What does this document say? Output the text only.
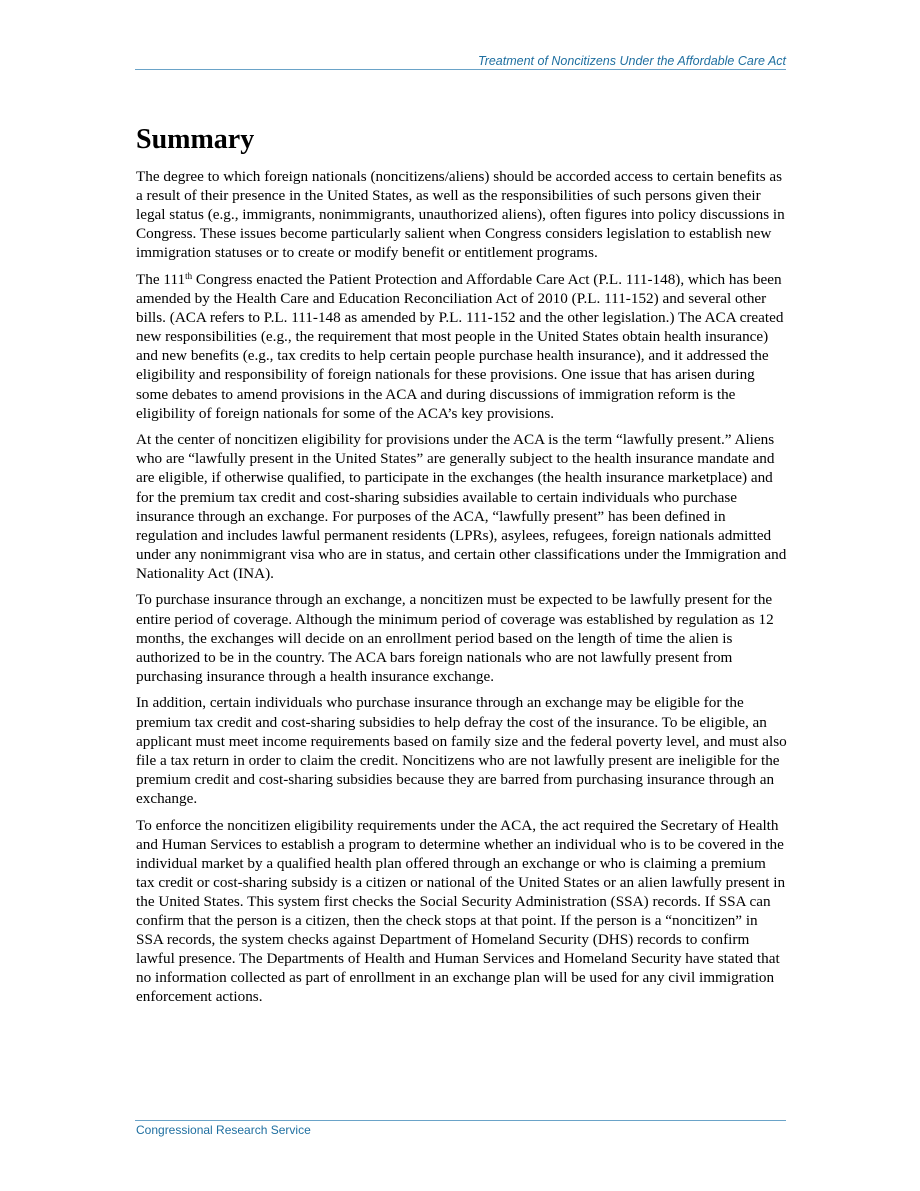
Treatment of Noncitizens Under the Affordable Care Act
Summary

The degree to which foreign nationals (noncitizens/aliens) should be accorded access to certain benefits as a result of their presence in the United States, as well as the responsibilities of such persons given their legal status (e.g., immigrants, nonimmigrants, unauthorized aliens), often figures into policy discussions in Congress. These issues become particularly salient when Congress considers legislation to establish new immigration statuses or to create or modify benefit or entitlement programs.

The 111th Congress enacted the Patient Protection and Affordable Care Act (P.L. 111-148), which has been amended by the Health Care and Education Reconciliation Act of 2010 (P.L. 111-152) and several other bills. (ACA refers to P.L. 111-148 as amended by P.L. 111-152 and the other legislation.) The ACA created new responsibilities (e.g., the requirement that most people in the United States obtain health insurance) and new benefits (e.g., tax credits to help certain people purchase health insurance), and it addressed the eligibility and responsibility of foreign nationals for these provisions. One issue that has arisen during some debates to amend provisions in the ACA and during discussions of immigration reform is the eligibility of foreign nationals for some of the ACA’s key provisions.

At the center of noncitizen eligibility for provisions under the ACA is the term “lawfully present.” Aliens who are “lawfully present in the United States” are generally subject to the health insurance mandate and are eligible, if otherwise qualified, to participate in the exchanges (the health insurance marketplace) and for the premium tax credit and cost-sharing subsidies available to certain individuals who purchase insurance through an exchange. For purposes of the ACA, “lawfully present” has been defined in regulation and includes lawful permanent residents (LPRs), asylees, refugees, foreign nationals admitted under any nonimmigrant visa who are in status, and certain other classifications under the Immigration and Nationality Act (INA).

To purchase insurance through an exchange, a noncitizen must be expected to be lawfully present for the entire period of coverage. Although the minimum period of coverage was established by regulation as 12 months, the exchanges will decide on an enrollment period based on the length of time the alien is authorized to be in the country. The ACA bars foreign nationals who are not lawfully present from purchasing insurance through a health insurance exchange.

In addition, certain individuals who purchase insurance through an exchange may be eligible for the premium tax credit and cost-sharing subsidies to help defray the cost of the insurance. To be eligible, an applicant must meet income requirements based on family size and the federal poverty level, and must also file a tax return in order to claim the credit. Noncitizens who are not lawfully present are ineligible for the premium credit and cost-sharing subsidies because they are barred from purchasing insurance through an exchange.

To enforce the noncitizen eligibility requirements under the ACA, the act required the Secretary of Health and Human Services to establish a program to determine whether an individual who is to be covered in the individual market by a qualified health plan offered through an exchange or who is claiming a premium tax credit or cost-sharing subsidy is a citizen or national of the United States or an alien lawfully present in the United States. This system first checks the Social Security Administration (SSA) records. If SSA can confirm that the person is a citizen, then the check stops at that point. If the person is a “noncitizen” in SSA records, the system checks against Department of Homeland Security (DHS) records to confirm lawful presence. The Departments of Health and Human Services and Homeland Security have stated that no information collected as part of enrollment in an exchange plan will be used for any civil immigration enforcement actions.

Congressional Research Service
